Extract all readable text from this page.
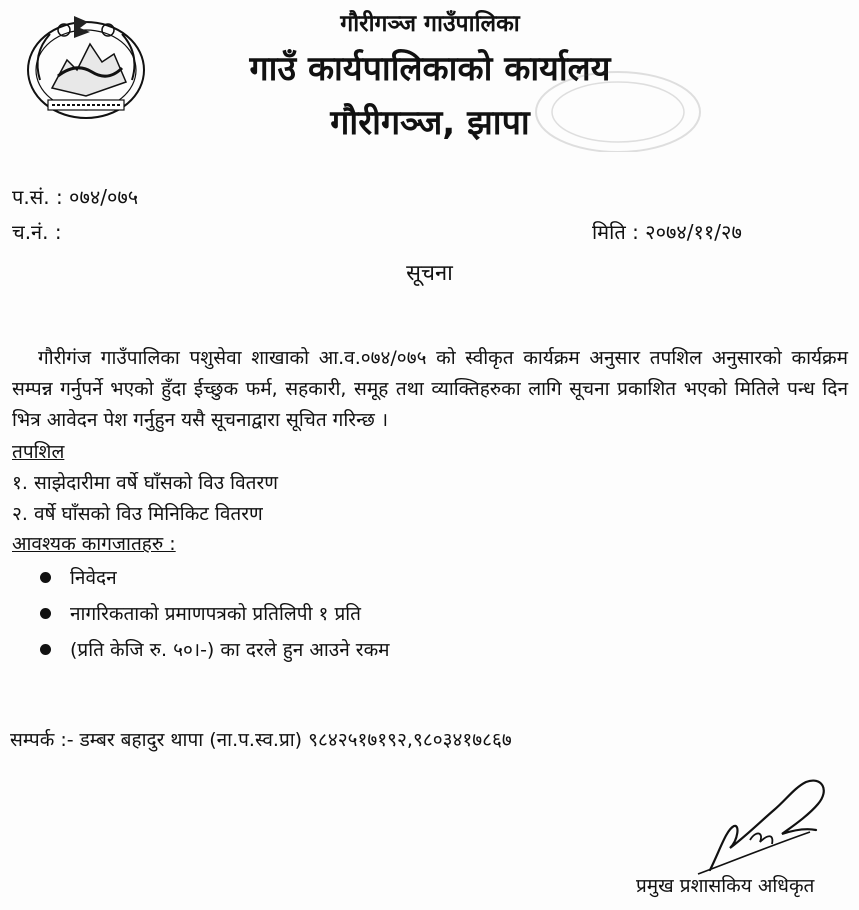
गौरीगञ्ज गाउँपालिका
गाउँ कार्यपालिकाको कार्यालय
गौरीगञ्ज, झापा
प.सं. : ०७४/०७५
च.नं. :	मिति : २०७४/११/२७
सूचना

गौरीगंज गाउँपालिका पशुसेवा शाखाको आ.व.०७४/०७५ को स्वीकृत कार्यक्रम अनुसार तपशिल अनुसारको कार्यक्रम सम्पन्न गर्नुपर्ने भएको हुँदा ईच्छुक फर्म, सहकारी, समूह तथा व्याक्तिहरुका लागि सूचना प्रकाशित भएको मितिले पन्ध दिन भित्र आवेदन पेश गर्नुहुन यसै सूचनाद्वारा सूचित गरिन्छ ।

तपशिल
१. साझेदारीमा वर्षे घाँसको विउ वितरण
२. वर्षे घाँसको विउ मिनिकिट वितरण
आवश्यक कागजातहरु :
निवेदन
नागरिकताको प्रमाणपत्रको प्रतिलिपी १ प्रति
(प्रति केजि रु. ५०।-) का दरले हुन आउने रकम
सम्पर्क :- डम्बर बहादुर थापा (ना.प.स्व.प्रा) ९८४२५१७१९२,९८०३४१७८६७
प्रमुख प्रशासकिय अधिकृत
